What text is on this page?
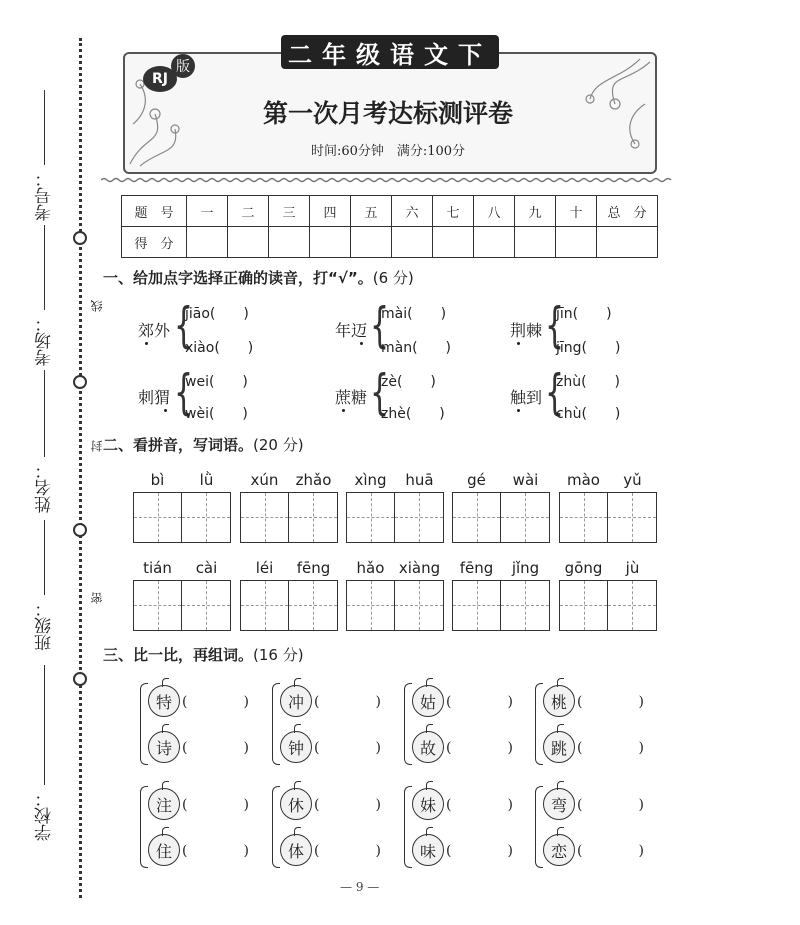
考号：
考场：
姓名：
班级：
学校：
线
封
密
二年级语文下
RJ
版
第一次月考达标测评卷
时间:60分钟　满分:100分
题　号	一	二	三	四	五	六	七	八	九	十	总　分
得　分											
一、给加点字选择正确的读音，打“√”。(6 分)
郊外 {
jiāo(　　)
xiào(　　)
年迈 {
mài(　　)
màn(　　)
荆棘 {
jīn(　　)
jīng(　　)
刺猬 {
wei(　　)
wèi(　　)
蔗糖 {
zè(　　)
zhè(　　)
触到 {
zhù(　　)
chù(　　)
二、看拼音，写词语。(20 分)
bì	lǜ	xún	zhǎo	xìng	huā	gé	wài	mào	yǔ
tián	cài	léi	fēng	hǎo xiàng	fēng	jǐng	gōng	jù
三、比一比，再组词。(16 分)
特 (　　　　)
诗 (　　　　)
冲 (　　　　)
钟 (　　　　)
姑 (　　　　)
故 (　　　　)
桃 (　　　　)
跳 (　　　　)
注 (　　　　)
住 (　　　　)
休 (　　　　)
体 (　　　　)
妹 (　　　　)
味 (　　　　)
弯 (　　　　)
恋 (　　　　)
— 9 —
